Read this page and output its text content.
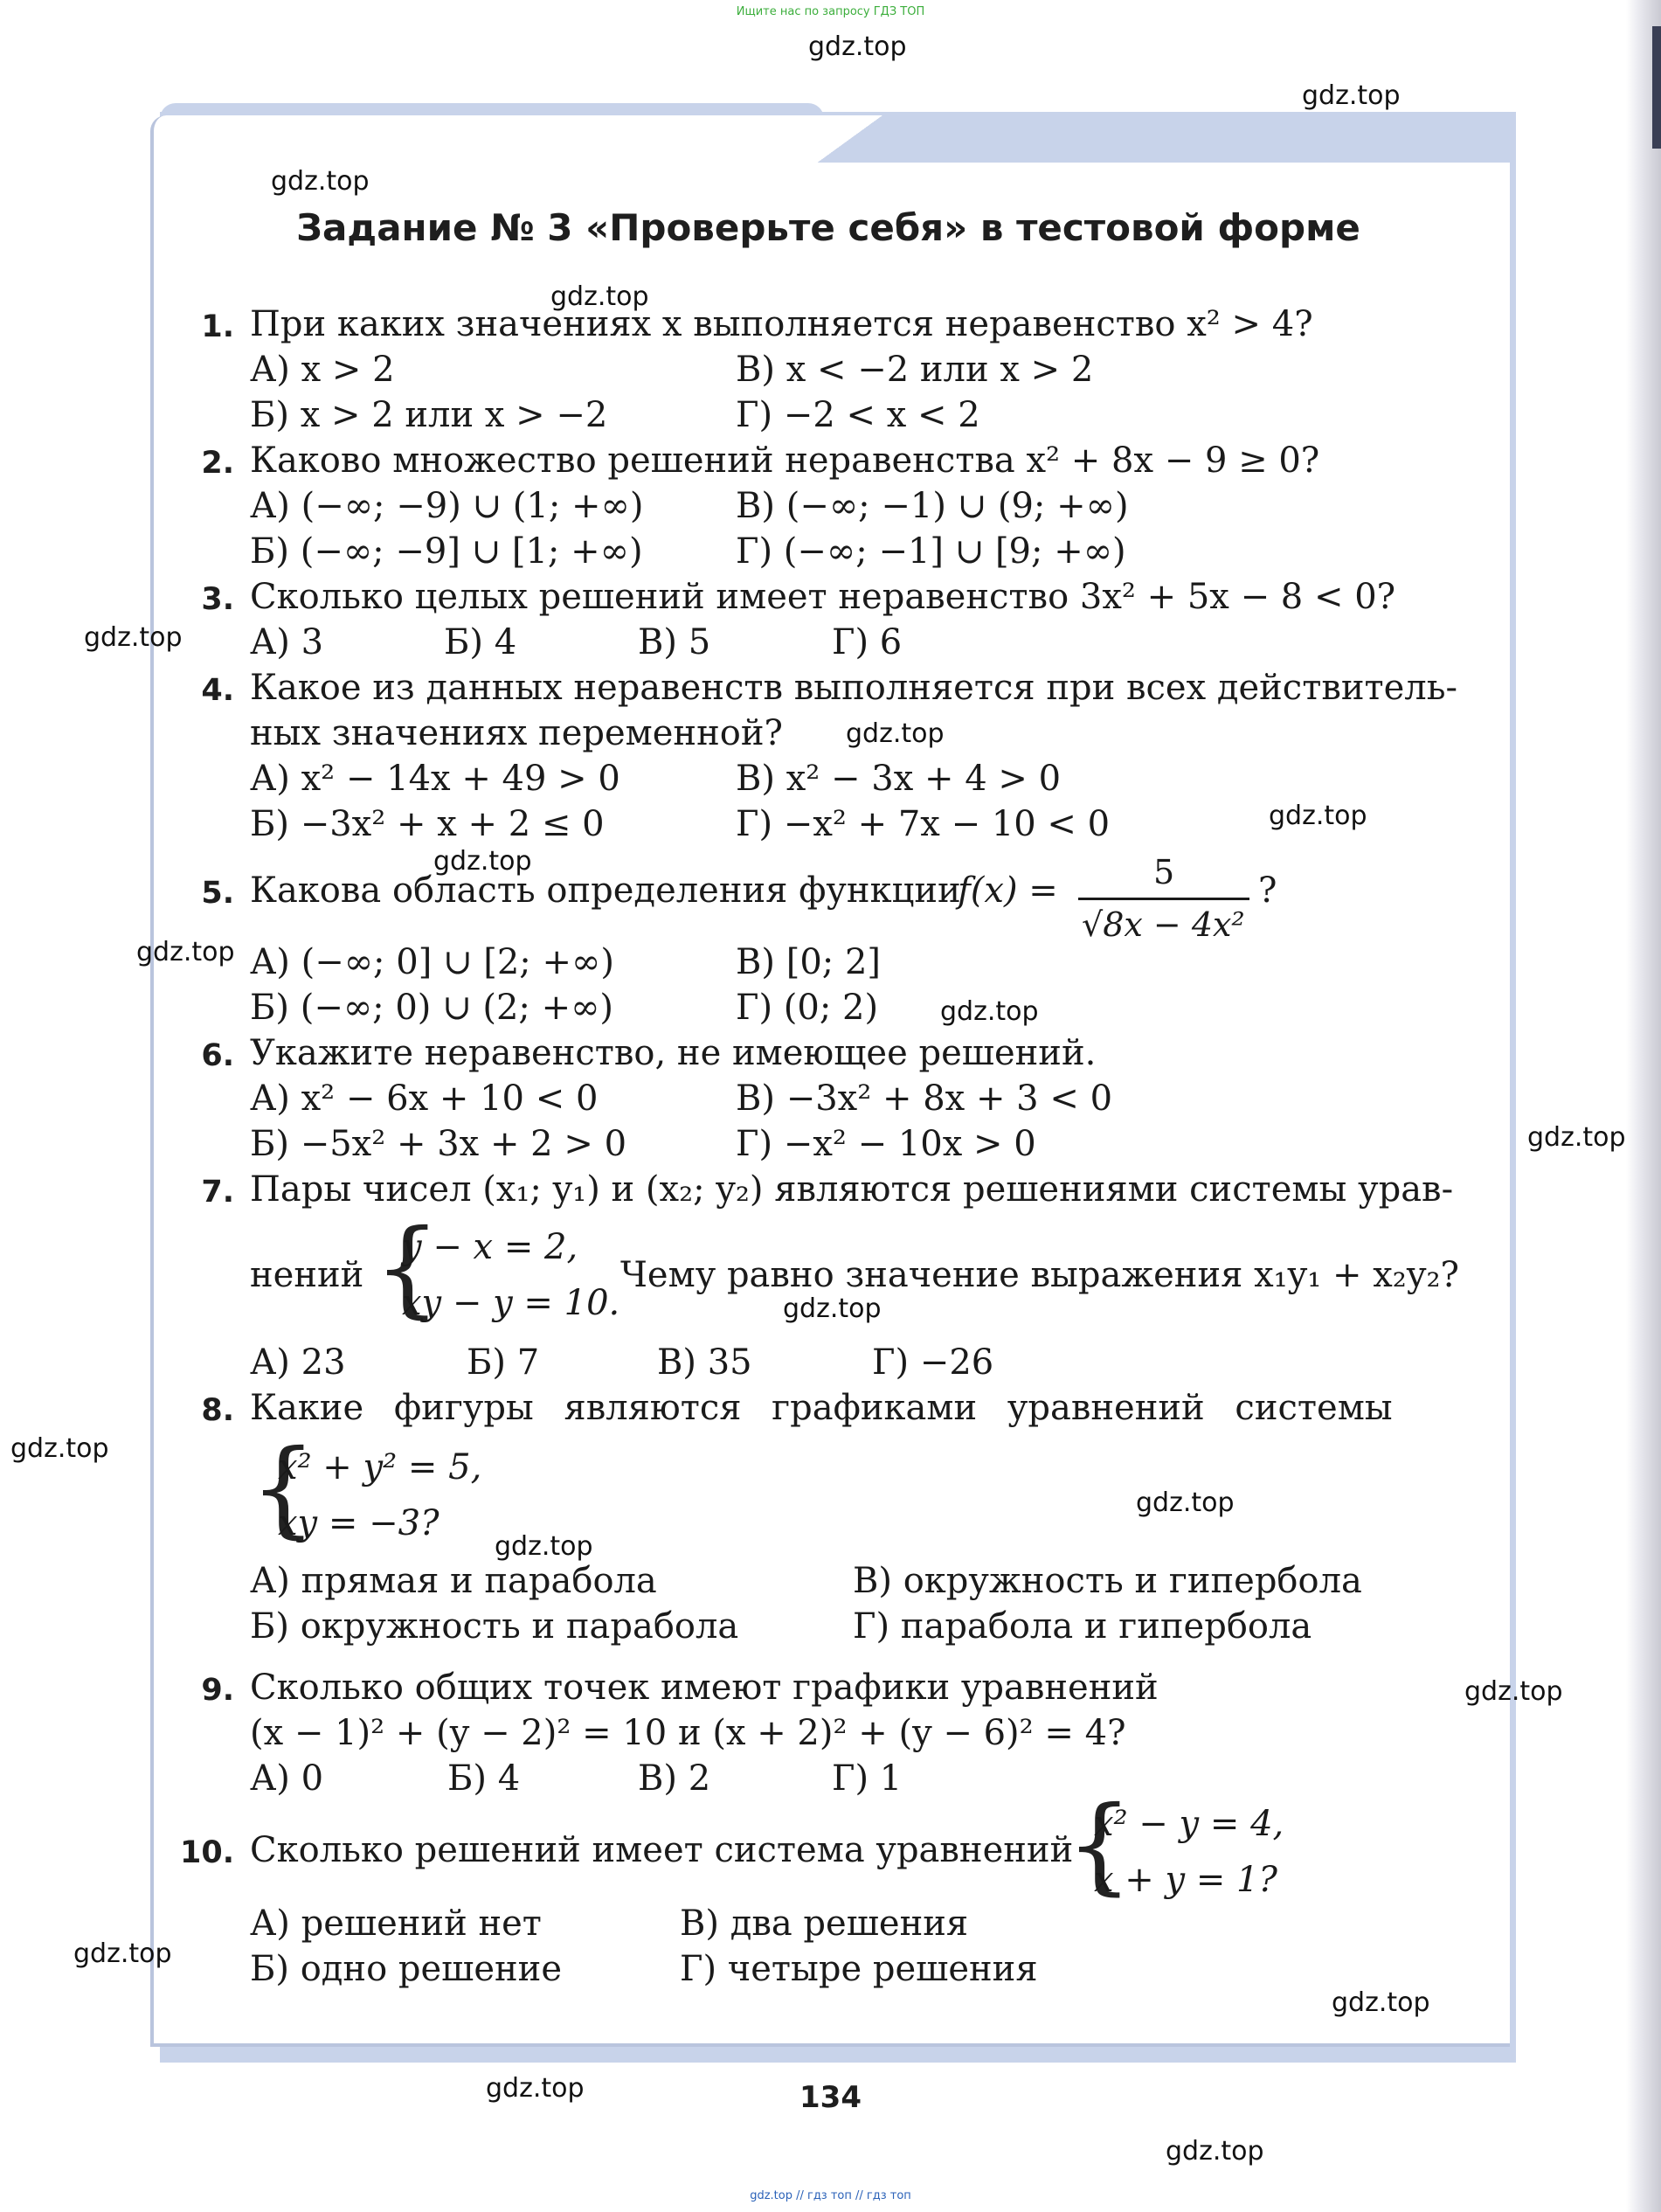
Ищите нас по запросу ГДЗ ТОП
Задание № 3 «Проверьте себя» в тестовой форме
1. При каких значениях x выполняется неравенство x² > 4?
А) x > 2	В) x < −2 или x > 2
Б) x > 2 или x > −2	Г) −2 < x < 2
2. Каково множество решений неравенства x² + 8x − 9 ≥ 0?
А) (−∞; −9) ∪ (1; +∞)	В) (−∞; −1) ∪ (9; +∞)
Б) (−∞; −9] ∪ [1; +∞)	Г) (−∞; −1] ∪ [9; +∞)
3. Сколько целых решений имеет неравенство 3x² + 5x − 8 < 0?
А) 3	Б) 4	В) 5	Г) 6
4. Какое из данных неравенств выполняется при всех действитель-
ных значениях переменной?
А) x² − 14x + 49 > 0	В) x² − 3x + 4 > 0
Б) −3x² + x + 2 ≤ 0	Г) −x² + 7x − 10 < 0
5. Какова область определения функции
f(x) =	5
√8x − 4x²
?
А) (−∞; 0] ∪ [2; +∞)	В) [0; 2]
Б) (−∞; 0) ∪ (2; +∞)	Г) (0; 2)
6. Укажите неравенство, не имеющее решений.
А) x² − 6x + 10 < 0	В) −3x² + 8x + 3 < 0
Б) −5x² + 3x + 2 > 0	Г) −x² − 10x > 0
7. Пары чисел (x₁; y₁) и (x₂; y₂) являются решениями системы урав-
нений {
y − x = 2,
xy − y = 10.
Чему равно значение выражения x₁y₁ + x₂y₂?
А) 23	Б) 7	В) 35	Г) −26
8. Какие фигуры являются графиками уравнений системы
{
x² + y² = 5,
xy = −3?
А) прямая и парабола	В) окружность и гипербола
Б) окружность и парабола	Г) парабола и гипербола
9. Сколько общих точек имеют графики уравнений
(x − 1)² + (y − 2)² = 10 и (x + 2)² + (y − 6)² = 4?
А) 0	Б) 4	В) 2	Г) 1
10. Сколько решений имеет система уравнений
{
x² − y = 4,
x + y = 1?
А) решений нет	В) два решения
Б) одно решение	Г) четыре решения
134
gdz.top
gdz.top
gdz.top
gdz.top
gdz.top
gdz.top
gdz.top
gdz.top
gdz.top
gdz.top
gdz.top
gdz.top
gdz.top
gdz.top
gdz.top
gdz.top
gdz.top
gdz.top
gdz.top
gdz.top
gdz.top // гдз топ // гдз топ
